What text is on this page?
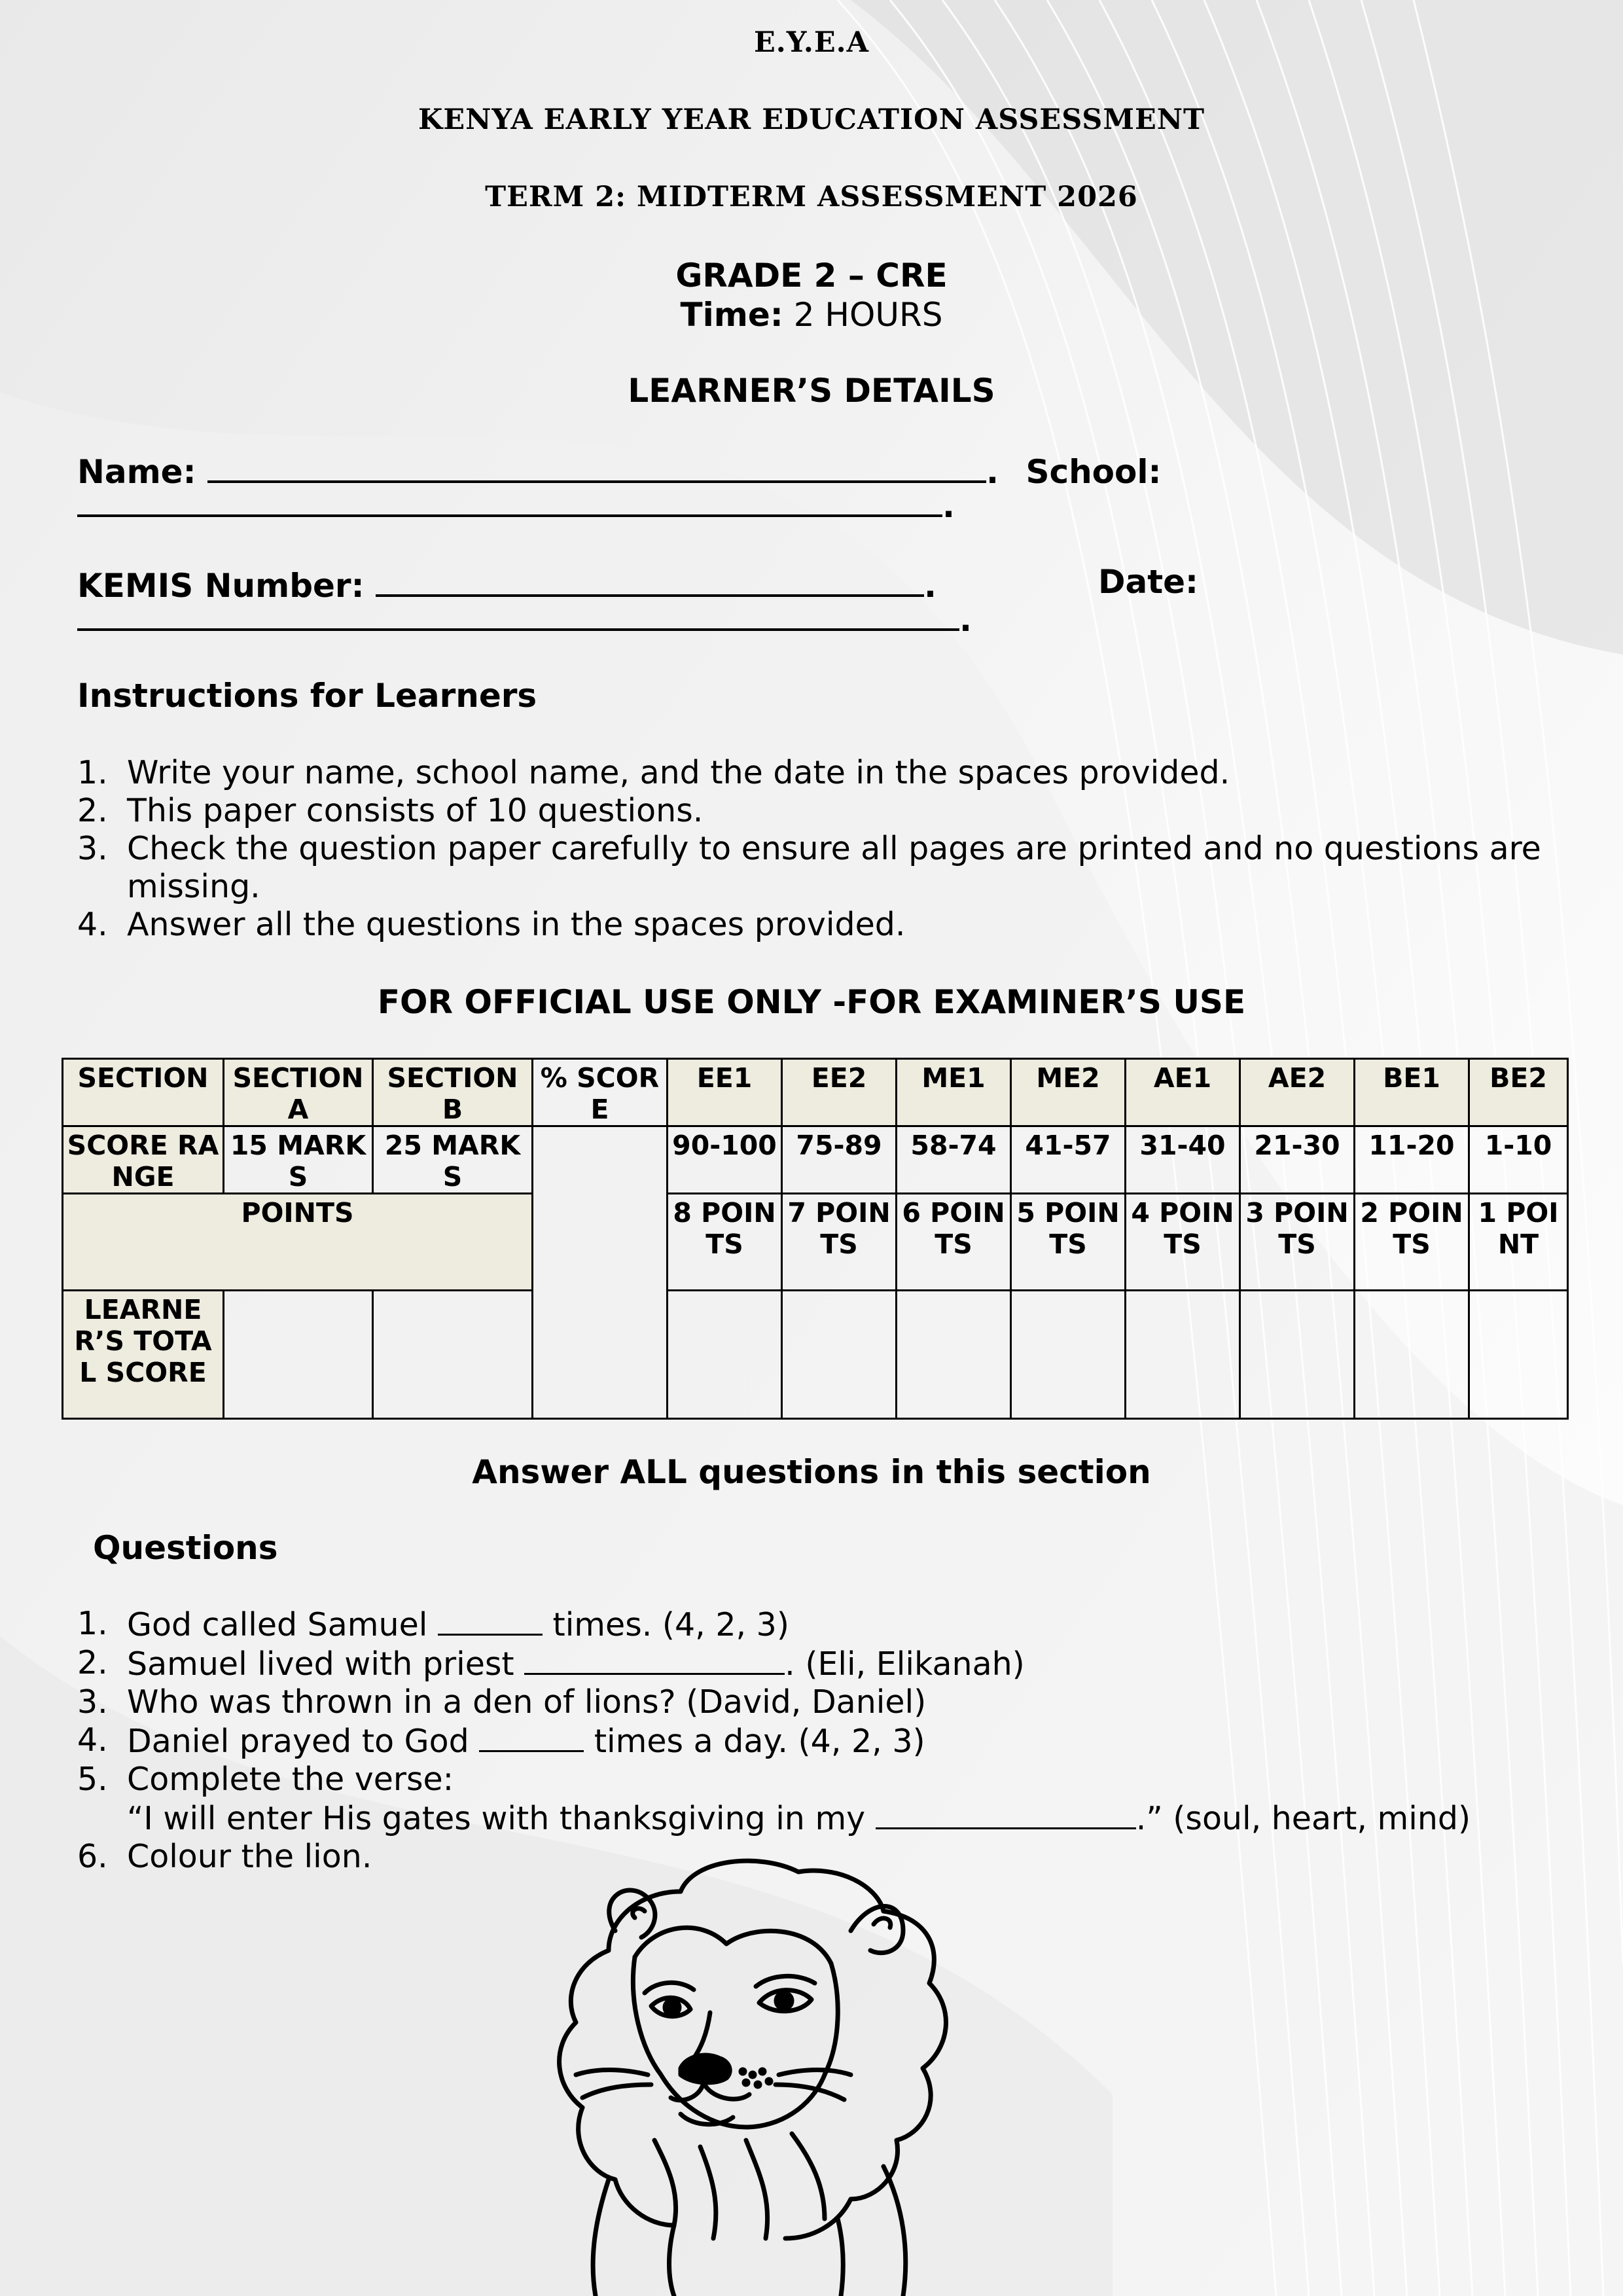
E.Y.E.A
KENYA EARLY YEAR EDUCATION ASSESSMENT
TERM 2: MIDTERM ASSESSMENT 2026
GRADE 2 – CRE
Time: 2 HOURS
LEARNER’S DETAILS
Name:	. School:
.
KEMIS Number:	.	Date:
.
Instructions for Learners
1. Write your name, school name, and the date in the spaces provided.
2. This paper consists of 10 questions.
3. Check the question paper carefully to ensure all pages are printed and no questions are missing.
4. Answer all the questions in the spaces provided.
FOR OFFICIAL USE ONLY -FOR EXAMINER’S USE
SECTION	SECTION A	SECTION B	% SCORE	EE1	EE2	ME1	ME2	AE1	AE2	BE1	BE2
SCORE RANGE	15 MARKS	25 MARKS		90-100	75-89	58-74	41-57	31-40	21-30	11-20	1-10
POINTS				8 POINTS	7 POINTS	6 POINTS	5 POINTS	4 POINTS	3 POINTS	2 POINTS	1 POINT
LEARNER’S TOTAL SCORE											
Answer ALL questions in this section
Questions
1. God called Samuel	times. (4, 2, 3)
2. Samuel lived with priest	. (Eli, Elikanah)
3. Who was thrown in a den of lions? (David, Daniel)
4. Daniel prayed to God	times a day. (4, 2, 3)
5. Complete the verse:
“I will enter His gates with thanksgiving in my	.” (soul, heart, mind)
6. Colour the lion.
